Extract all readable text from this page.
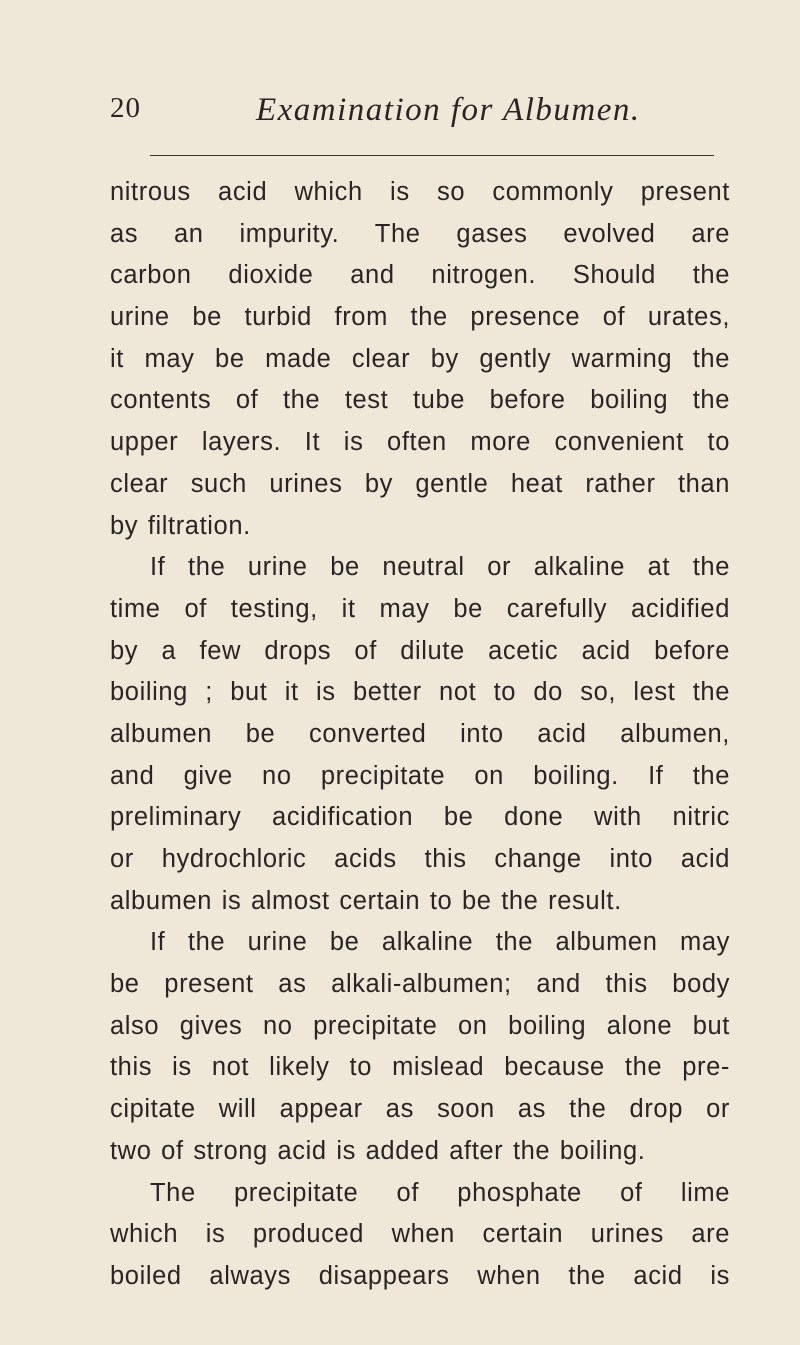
20	Examination for Albumen.
nitrous acid which is so commonly present
as an impurity. The gases evolved are
carbon dioxide and nitrogen. Should the
urine be turbid from the presence of urates,
it may be made clear by gently warming the
contents of the test tube before boiling the
upper layers. It is often more convenient to
clear such urines by gentle heat rather than
by filtration.
If the urine be neutral or alkaline at the
time of testing, it may be carefully acidified
by a few drops of dilute acetic acid before
boiling ; but it is better not to do so, lest the
albumen be converted into acid albumen,
and give no precipitate on boiling. If the
preliminary acidification be done with nitric
or hydrochloric acids this change into acid
albumen is almost certain to be the result.
If the urine be alkaline the albumen may
be present as alkali-albumen; and this body
also gives no precipitate on boiling alone but
this is not likely to mislead because the pre-
cipitate will appear as soon as the drop or
two of strong acid is added after the boiling.
The precipitate of phosphate of lime
which is produced when certain urines are
boiled always disappears when the acid is
